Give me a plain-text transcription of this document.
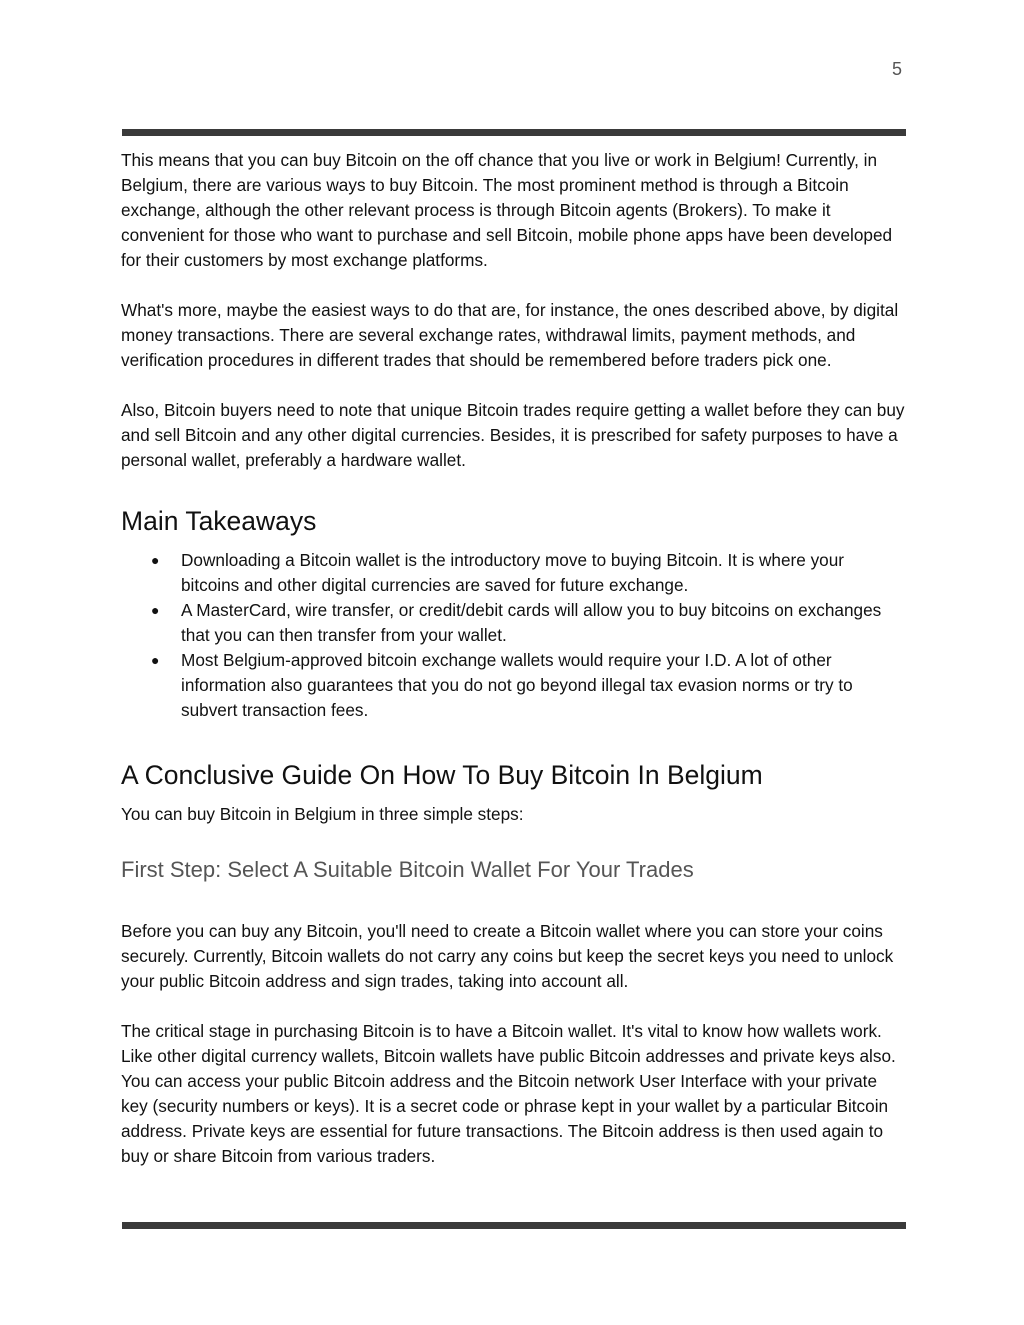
5

This means that you can buy Bitcoin on the off chance that you live or work in Belgium! Currently, in Belgium, there are various ways to buy Bitcoin. The most prominent method is through a Bitcoin exchange, although the other relevant process is through Bitcoin agents (Brokers). To make it convenient for those who want to purchase and sell Bitcoin, mobile phone apps have been developed for their customers by most exchange platforms.

What's more, maybe the easiest ways to do that are, for instance, the ones described above, by digital money transactions. There are several exchange rates, withdrawal limits, payment methods, and verification procedures in different trades that should be remembered before traders pick one.

Also, Bitcoin buyers need to note that unique Bitcoin trades require getting a wallet before they can buy and sell Bitcoin and any other digital currencies. Besides, it is prescribed for safety purposes to have a personal wallet, preferably a hardware wallet.

Main Takeaways
● Downloading a Bitcoin wallet is the introductory move to buying Bitcoin. It is where your bitcoins and other digital currencies are saved for future exchange.
● A MasterCard, wire transfer, or credit/debit cards will allow you to buy bitcoins on exchanges that you can then transfer from your wallet.
● Most Belgium-approved bitcoin exchange wallets would require your I.D. A lot of other information also guarantees that you do not go beyond illegal tax evasion norms or try to subvert transaction fees.
A Conclusive Guide On How To Buy Bitcoin In Belgium

You can buy Bitcoin in Belgium in three simple steps:

First Step: Select A Suitable Bitcoin Wallet For Your Trades

Before you can buy any Bitcoin, you'll need to create a Bitcoin wallet where you can store your coins securely. Currently, Bitcoin wallets do not carry any coins but keep the secret keys you need to unlock your public Bitcoin address and sign trades, taking into account all.

The critical stage in purchasing Bitcoin is to have a Bitcoin wallet. It's vital to know how wallets work. Like other digital currency wallets, Bitcoin wallets have public Bitcoin addresses and private keys also. You can access your public Bitcoin address and the Bitcoin network User Interface with your private key (security numbers or keys). It is a secret code or phrase kept in your wallet by a particular Bitcoin address. Private keys are essential for future transactions. The Bitcoin address is then used again to buy or share Bitcoin from various traders.
